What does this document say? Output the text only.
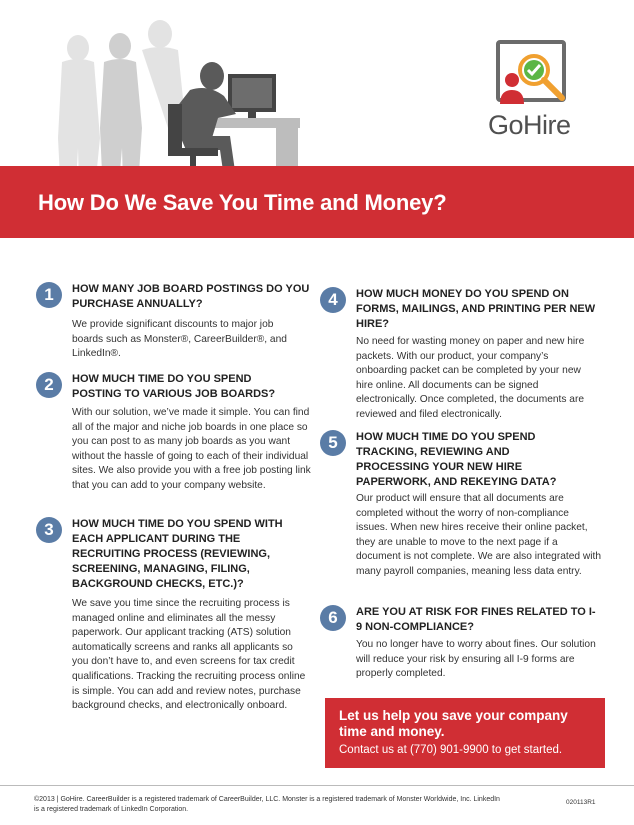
GoHire
How Do We Save You Time and Money?
1	HOW MANY JOB BOARD POSTINGS DO YOU PURCHASE ANNUALLY?
We provide significant discounts to major job boards such as Monster®, CareerBuilder®, and LinkedIn®.
2	HOW MUCH TIME DO YOU SPEND POSTING TO VARIOUS JOB BOARDS?
With our solution, we’ve made it simple. You can find all of the major and niche job boards in one place so you can post to as many job boards as you want without the hassle of going to each of their individual sites. We also provide you with a free job posting link that you can add to your company website.
3	HOW MUCH TIME DO YOU SPEND WITH EACH APPLICANT DURING THE RECRUITING PROCESS (REVIEWING, SCREENING, MANAGING, FILING, BACKGROUND CHECKS, ETC.)?
We save you time since the recruiting process is managed online and eliminates all the messy paperwork. Our applicant tracking (ATS) solution automatically screens and ranks all applicants so you don’t have to, and even screens for tax credit qualifications. Tracking the recruiting process online is simple. You can add and review notes, purchase background checks, and electronically onboard.
4	HOW MUCH MONEY DO YOU SPEND ON FORMS, MAILINGS, AND PRINTING PER NEW HIRE?
No need for wasting money on paper and new hire packets. With our product, your company’s onboarding packet can be completed by your new hire online. All documents can be signed electronically. Once completed, the documents are reviewed and filed electronically.
5	HOW MUCH TIME DO YOU SPEND TRACKING, REVIEWING AND PROCESSING YOUR NEW HIRE PAPERWORK, AND REKEYING DATA?
Our product will ensure that all documents are completed without the worry of non-compliance issues. When new hires receive their online packet, they are unable to move to the next page if a document is not complete. We are also integrated with many payroll companies, meaning less data entry.
6	ARE YOU AT RISK FOR FINES RELATED TO I-9 NON-COMPLIANCE?
You no longer have to worry about fines. Our solution will reduce your risk by ensuring all I-9 forms are properly completed.
Let us help you save your company time and money.
Contact us at (770) 901-9900 to get started.
©2013 | GoHire. CareerBuilder is a registered trademark of CareerBuilder, LLC. Monster is a registered trademark of Monster Worldwide, Inc. LinkedIn is a registered trademark of LinkedIn Corporation.
020113R1
